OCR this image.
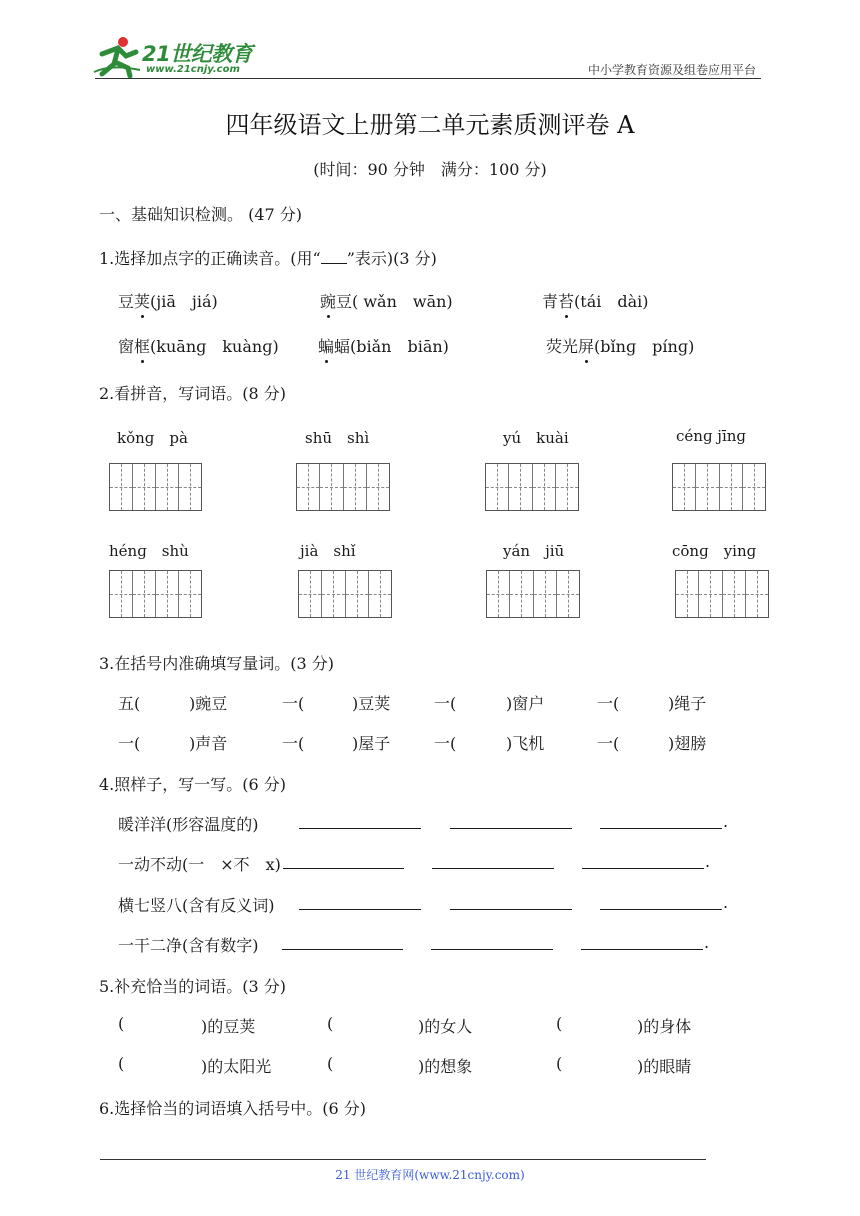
21世纪教育
www.21cnjy.com	中小学教育资源及组卷应用平台
四年级语文上册第二单元素质测评卷 A
(时间：90 分钟　满分：100 分)
一、基础知识检测。 (47 分)
1.选择加点字的正确读音。(用“ ”表示)(3 分)
豆荚(jiā　jiá)	豌豆( wǎn　wān)	青苔(tái　dài)
窗框(kuānɡ　kuànɡ) 蝙蝠(biǎn　biān)	荧光屏(bǐnɡ　pínɡ)
2.看拼音，写词语。(8 分)
kǒnɡ　pà	shū　shì	yú　kuài	cénɡ jīnɡ
hénɡ　shù	jià　shǐ	yán　jiū	cōnɡ　yinɡ
3.在括号内准确填写量词。(3 分)
五(	)豌豆	一(	)豆荚	一(	)窗户	一(	)绳子
一(	)声音	一(	)屋子	一(	)飞机	一(	)翅膀
4.照样子，写一写。(6 分)
暖洋洋(形容温度的)	.
一动不动(一　×不　x)	.
横七竖八(含有反义词)	.
一干二净(含有数字)	.
5.补充恰当的词语。(3 分)
(	)的豆荚	(	)的女人	(	)的身体
(	)的太阳光	(	)的想象	(	)的眼睛
6.选择恰当的词语填入括号中。(6 分)
21 世纪教育网(www.21cnjy.com)
